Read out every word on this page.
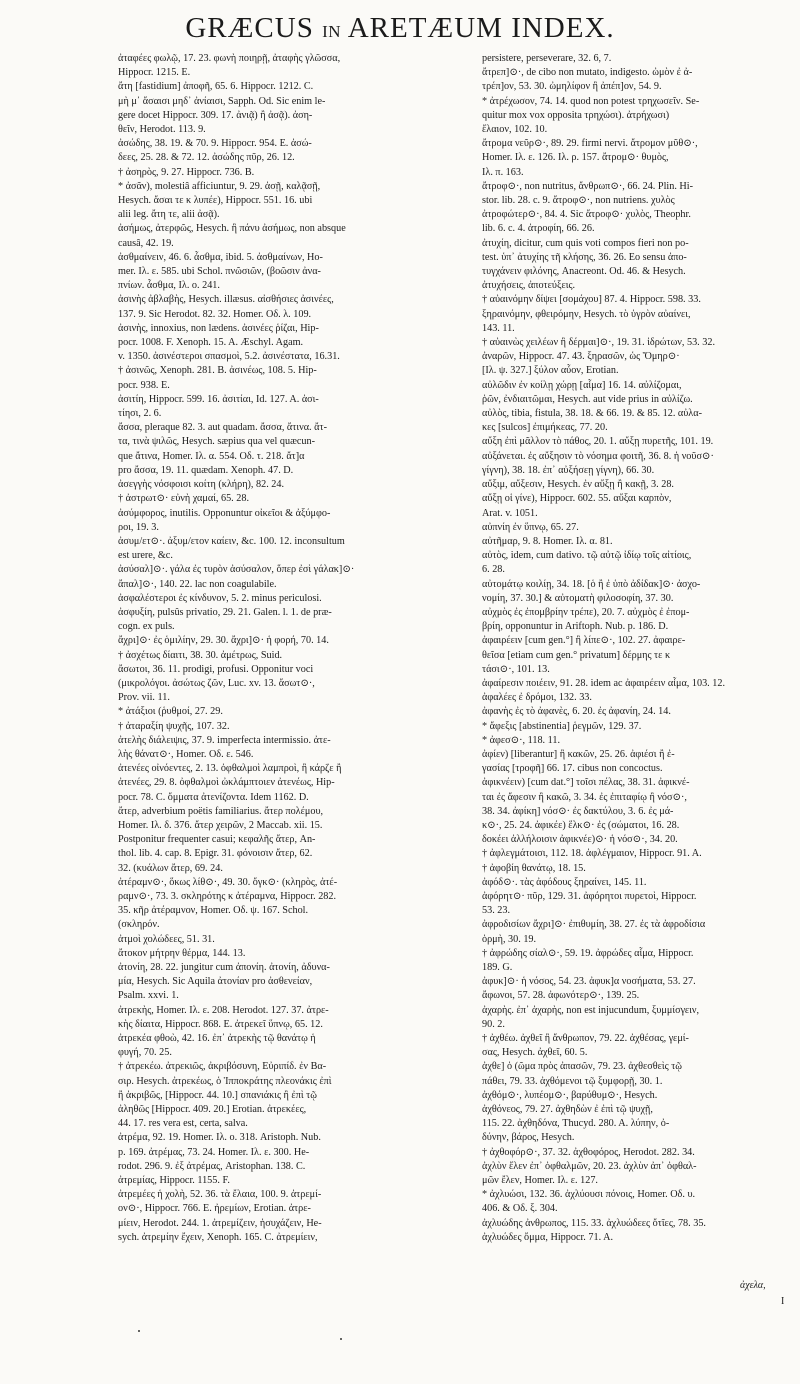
GRÆCUS IN ARETÆUM INDEX.
ἀταφέες φωλῷ, 17. 23. φωνὴ ποιηρῇ, ἀταφὴς γλῶσσα,
Hippocr. 1215. E.
ἄτη [fastidium] ἀποφῆ, 65. 6. Hippocr. 1212. C.
μὴ μ᾽ ἄσαισι μηδ᾽ ἀνίαισι, Sapph. Od. Sic enim le-
gere docet Hippocr. 309. 17. ἀνιᾷ) ἢ ἀσᾷ). ἀση-
θεῖν, Herodot. 113. 9.
ἀσώδης, 38. 19. & 70. 9. Hippocr. 954. E. ἀσώ-
δεες, 25. 28. & 72. 12. ἀσώδης πῦρ, 26. 12.
† ἀσηρὸς, 9. 27. Hippocr. 736. B.
* ἀσᾶν), molestiâ afficiuntur, 9. 29. ἀσῇ, καλᾷσῇ,
Hesych. ἄσαι τε κ λυπέε), Hippocr. 551. 16. ubi
alii leg. ἄτη τε, alii ἀσᾷ).
ἀσήμως, ἀτερφῶς, Hesych. ἢ πάνυ ἀσήμως, non absque
causâ, 42. 19.
ἀσθμαίνειν, 46. 6. ἆσθμα, ibid. 5. ἀσθμαίνων, Ho-
mer. Ιλ. ε. 585. ubi Schol. πνῶσιῶν, (βοῶσιν ἀνα-
πνίων. ἆσθμα, Ιλ. ο. 241.
ἀσινὴς ἀβλαβὴς, Hesych. illæsus. αἰσθήσιες ἀσινέες,
137. 9. Sic Herodot. 82. 32. Homer. Οδ. λ. 109.
ἀσινὴς, innoxius, non lædens. ἀσινέες ῥίζαι, Hip-
pocr. 1008. F. Xenoph. 15. A. Æschyl. Agam.
v. 1350. ἀσινέστεροι σπασμοὶ, 5.2. ἀσινέστατα, 16.31.
† ἀσινῶς, Xenoph. 281. B. ἀσινέως, 108. 5. Hip-
pocr. 938. E.
ἀσιτίη, Hippocr. 599. 16. ἀσιτίαι, Id. 127. A. ἀσι-
τίησι, 2. 6.
ἄσσα, pleraque 82. 3. aut quadam. ἄσσα, ἄτινα. ἄτ-
τα, τινὰ ψιλῶς, Hesych. sæpius qua vel quæcun-
que ἄτινα, Homer. Ιλ. α. 554. Οδ. τ. 218. ἄτ]α
pro ἄσσα, 19. 11. quædam. Xenoph. 47. D.
ἀσεγγὴς νόσφοισι κοίτη (κλήρη), 82. 24.
† ἀστρωτ⊙· εὐνὴ χαμαί, 65. 28.
ἀσύμφορος, inutilis. Opponuntur οἰκεῖοι & ἀξύμφο-
ροι, 19. 3.
ἀσυμ/ετ⊙·. ἀξυμ/ετον καίειν, &c. 100. 12. inconsultum
est urere, &c.
ἀσύσαλ]⊙·. γάλα ἐς τυρὸν ἀσύσαλον, ὅπερ ἐσὶ γάλακ]⊙·
ἄπαλ]⊙·, 140. 22. lac non coagulabile.
ἀσφαλέστεροι ἐς κίνδυνον, 5. 2. minus periculosi.
ἀσφυξίη, pulsûs privatio, 29. 21. Galen. l. 1. de præ-
cogn. ex puls.
ἄχρι]⊙· ἐς ὁμιλίην, 29. 30. ἄχρι]⊙· ἡ φορή, 70. 14.
† ἀσχέτως δίαιτι, 38. 30. ἀμέτρως, Suid.
ἄσωτοι, 36. 11. prodigi, profusi. Opponitur voci
(μικρολόγοι. ἀσώτως ζῶν, Luc. xv. 13. ἄσωτ⊙·,
Prov. vii. 11.
* ἀτάξιοι (ῥυθμοί, 27. 29.
† ἀταραξίη ψυχῆς, 107. 32.
ἀτελὴς διάλειψις, 37. 9. imperfecta intermissio. ἀτε-
λὴς θάνατ⊙·, Homer. Οδ. ε. 546.
ἀτενέες οἰνόεντες, 2. 13. ὀφθαλμοὶ λαμπροὶ, ἢ κάρζε ἢ
ἀτενέες, 29. 8. ὀφθαλμοὶ ὠκλάμπτοιεν ἀτενέως, Hip-
pocr. 78. C. ὄμματα ἀτενίζοντα. Idem 1162. D.
ἄτερ, adverbium poëtis familiarius. ἄτερ πολέμου,
Homer. Ιλ. δ. 376. ἄτερ χειρῶν, 2 Maccab. xii. 15.
Postponitur frequenter casui; κεφαλῆς ἄτερ, An-
thol. lib. 4. cap. 8. Epigr. 31. φόνοισιν ἄτερ, 62.
32. (κυάλων ἄτερ, 69. 24.
ἀτέραμν⊙·, ὅκως λίθ⊙·, 49. 30. ὄγκ⊙· (κληρὸς, ἀτέ-
ραμν⊙·, 73. 3. σκληρότης κ ἀτέραμνα, Hippocr. 282.
35. κῆρ ἀτέραμνον, Homer. Οδ. ψ. 167. Schol.
(σκληρόν.
ἀτμοὶ χολώδεες, 51. 31.
ἄτοκον μήτρην θέρμα, 144. 13.
ἀτονίη, 28. 22. jungitur cum ἀπονίη. ἀτονίη, ἀδυνα-
μία, Hesych. Sic Aquila ἀτονίαν pro ἀσθενείαν,
Psalm. xxvi. 1.
ἀτρεκὴς, Homer. Ιλ. ε. 208. Herodot. 127. 37. ἀτρε-
κὴς δίαιτα, Hippocr. 868. E. ἀτρεκεῖ ὕπνῳ, 65. 12.
ἀτρεκέα φθοὼ, 42. 16. ἐπ᾽ ἀτρεκὴς τῷ θανάτῳ ἡ
φυγή, 70. 25.
† ἀτρεκέω. ἀτρεκιῶς, ἀκριβόσυνη, Εὐριπίδ. ἐν Βα-
σιρ. Hesych. ἀτρεκέως, ὁ Ἱπποκράτης πλεονάκις ἐπὶ
ἢ ἀκριβῶς, [Hippocr. 44. 10.] σπανιάκις ἢ ἐπὶ τῷ
ἀληθῶς [Hippocr. 409. 20.] Erotian. ἀτρεκέες,
44. 17. res vera est, certa, salva.
ἀτρέμα, 92. 19. Homer. Ιλ. ο. 318. Aristoph. Nub.
p. 169. ἀτρέμας, 73. 24. Homer. Ιλ. ε. 300. He-
rodot. 296. 9. ἐξ ἀτρέμας, Aristophan. 138. C.
ἀτρεμίας, Hippocr. 1155. F.
ἀτρεμέες ἡ χολὴ, 52. 36. τὰ ἔλαια, 100. 9. ἀτρεμί-
ον⊙·, Hippocr. 766. E. ἠρεμίων, Erotian. ἀτρε-
μίειν, Herodot. 244. 1. ἀτρεμίζειν, ἡσυχάζειν, He-
sych. ἀτρεμίην ἔχειν, Xenoph. 165. C. ἀτρεμίειν,
persistere, perseverare, 32. 6, 7.
ἄτρεπ]⊙·, de cibo non mutato, indigesto. ὠμὸν ἐ ἀ-
τρέπ]ον, 53. 30. ὠμηλίφον ἢ ἀπέπ]ον, 54. 9.
* ἀτρέχωσον, 74. 14. quod non potest τρηχωσεῖν. Se-
quitur mox vox opposita τρηχώσι). ἀτρήχωσι)
ἔλαιον, 102. 10.
ἄτρομα νεῦρ⊙·, 89. 29. firmi nervi. ἄτρομον μῦθ⊙·,
Homer. Ιλ. ε. 126. Ιλ. ρ. 157. ἄτρομ⊙· θυμὸς,
Ιλ. π. 163.
ἄτροφ⊙·, non nutritus, ἄνθρωπ⊙·, 66. 24. Plin. Hi-
stor. lib. 28. c. 9. ἄτροφ⊙·, non nutriens. χυλὸς
ἀτροφώτερ⊙·, 84. 4. Sic ἄτροφ⊙· χυλὸς, Theophr.
lib. 6. c. 4. ἀτροφίη, 66. 26.
ἀτυχίη, dicitur, cum quis voti compos fieri non po-
test. ὑπ᾽ ἀτυχίης τῆ κλήσης, 36. 26. Eo sensu ἀπο-
τυγχάνειν φιλόνης, Anacreont. Od. 46. & Hesych.
ἀτυχήσεις, ἀποτεύξεις.
† αὐαινόμην δίψει [σομάχου] 87. 4. Hippocr. 598. 33.
ξηραινόμην, φθειρόμην, Hesych. τὸ ὑγρὸν αὐαίνει,
143. 11.
† αὐαινὼς χειλέων ἢ δέρμαι]⊙·, 19. 31. ἰδρώτων, 53. 32.
ἀναρῶν, Hippocr. 47. 43. ξηρασῶν, ὡς Ὅμηρ⊙·
[Ιλ. ψ. 327.] ξύλον αὖον, Erotian.
αὐλῶδιν ἐν κοίλῃ χώρῃ [αἷμα] 16. 14. αὐλίζομαι,
ῥῶν, ἐνδιαιτῶμαι, Hesych. aut vide prius in αὐλίζω.
αὐλὸς, tibia, fistula, 38. 18. & 66. 19. & 85. 12. αὐλα-
κες [sulcos] ἐπιμήκεας, 77. 20.
αὔξη ἐπὶ μᾶλλον τὸ πάθος, 20. 1. αὔξῃ πυρετῆς, 101. 19.
αὐξάνεται. ἐς αὔξησιν τὸ νόσημα φοιτῆ, 36. 8. ἡ νοῦσ⊙·
γίγνη), 38. 18. ἐπ᾽ αὐξήσεῃ γίγνη), 66. 30.
αὔξιμ, αὔξεσιν, Hesych. ἐν αὔξῃ ἢ κακῇ, 3. 28.
αὔξῃ οἱ γίνε), Hippocr. 602. 55. αὔξαι καρπὸν,
Arat. v. 1051.
αὐπνίη ἐν ὕπνῳ, 65. 27.
αὐτῆμαρ, 9. 8. Homer. Ιλ. α. 81.
αὐτὸς, idem, cum dativo. τῷ αὐτῷ ἰδίῳ τοῖς αἰτίοις,
6. 28.
αὐτομάτῳ κοιλίῃ, 34. 18. [ὁ ἢ ἐ ὑπὸ ἀδίδακ]⊙· ἀσχο-
νομίη, 37. 30.] & αὐτοματὴ φιλοσοφίη, 37. 30.
αὐχμὸς ἐς ἐπομβρίην τρέπε), 20. 7. αὐχμὸς ἐ ἐπομ-
βρίη, opponuntur in Ariftoph. Nub. p. 186. D.
ἀφαιρέειν [cum gen.°] ἢ λίπε⊙·, 102. 27. ἀφαιρε-
θεῖσα [etiam cum gen.° privatum] δέρμης τε κ
τάσι⊙·, 101. 13.
ἀφαίρεσιν ποιέειν, 91. 28. idem ac ἀφαιρέειν αἷμα, 103. 12.
ἀφαλέες ἐ δρόμοι, 132. 33.
ἀφανὴς ἐς τὸ ἀφανὲς, 6. 20. ἐς ἀφανίη, 24. 14.
* ἄφεξις [abstinentia] ῥεγμῶν, 129. 37.
* ἀφεσ⊙·, 118. 11.
ἀφίεν) [liberantur] ἢ κακῶν, 25. 26. ἀφιέσι ἢ ἐ-
γασίας [τροφῆ] 66. 17. cibus non concoctus.
ἀφικνέειν) [cum dat.°] τοῖσι πέλας, 38. 31. ἀφικνέ-
ται ἐς ἄφεσιν ἢ κακῶ, 3. 34. ἐς ἐπιταφίῳ ἢ νόσ⊙·,
38. 34. ἀφίκη] νόσ⊙· ἐς δακτύλου, 3. 6. ἐς μά-
κ⊙·, 25. 24. ἀφικέε) ἕλκ⊙· ἐς (σώματοι, 16. 28.
δοκέει ἀλλήλοισιν ἀφικνέε)⊙· ἡ νόσ⊙·, 34. 20.
† ἀφλεγμάτοισι, 112. 18. ἀφλέγμαιον, Hippocr. 91. A.
† ἀφοβίη θανάτῳ, 18. 15.
ἀφόδ⊙·. τὰς ἀφόδους ξηραίνει, 145. 11.
ἀφόρητ⊙· πῦρ, 129. 31. ἀφόρητοι πυρετοὶ, Hippocr.
53. 23.
ἀφροδισίων ἄχρι]⊙· ἐπιθυμίη, 38. 27. ἐς τὰ ἀφροδίσια
ὁρμὴ, 30. 19.
† ἀφρώδης σίαλ⊙·, 59. 19. ἀφρώδες αἷμα, Hippocr.
189. G.
ἀφυκ]⊙· ἡ νόσος, 54. 23. ἀφυκ]α νοσήματα, 53. 27.
ἄφωνοι, 57. 28. ἀφωνότερ⊙·, 139. 25.
ἀχαρὴς. ἐπ᾽ ἀχαρὴς, non est injucundum, ξυμμίσγειν,
90. 2.
† ἀχθέω. ἀχθεῖ ἢ ἄνθρωπον, 79. 22. ἀχθέσας, γεμί-
σας, Hesych. ἀχθεῖ, 60. 5.
ἀχθε] ὁ (ῶμα πρὸς ἀπασῶν, 79. 23. ἀχθεσθεὶς τῷ
πάθει, 79. 33. ἀχθόμενοι τῷ ξυμφορῇ, 30. 1.
ἀχθόμ⊙·, λυπέομ⊙·, βαρύθυμ⊙·, Hesych.
ἀχθόνεος, 79. 27. ἀχθηδὼν ἐ ἐπὶ τῷ ψυχῇ,
115. 22. ἀχθηδόνα, Thucyd. 280. A. λύπην, ὀ-
δύνην, βάρος, Hesych.
† ἀχθοφόρ⊙·, 37. 32. ἀχθοφόρος, Herodot. 282. 34.
ἀχλὺν ἔλεν ἐπ᾽ ὀφθαλμῶν, 20. 23. ἀχλὺν ἀπ᾽ ὀφθαλ-
μῶν ἔλεν, Homer. Ιλ. ε. 127.
* ἀχλυώσι, 132. 36. ἀχλύουσι πόνοις, Homer. Οδ. υ.
406. & Οδ. ξ. 304.
ἀχλυώδης ἀνθρωπος, 115. 33. ἀχλυώδεες ὄτῖες, 78. 35.
ἀχλυώδες ὄμμα, Hippocr. 71. A.
ἀχελα,
I
